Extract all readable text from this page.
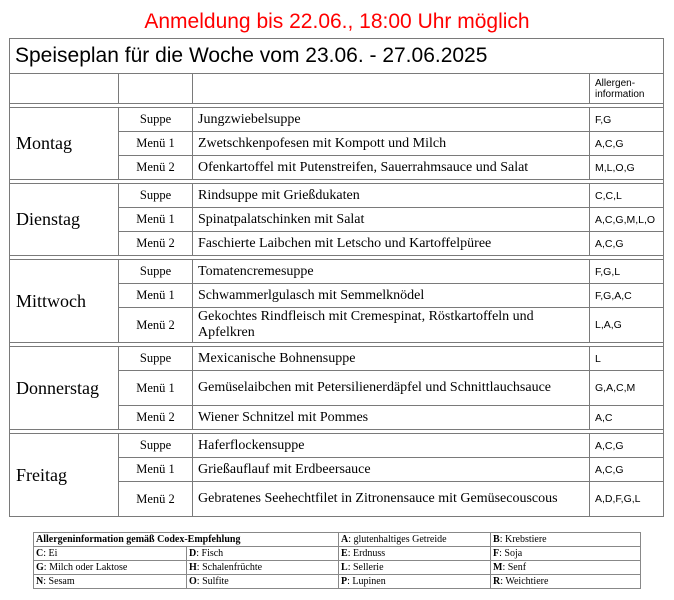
Anmeldung bis 22.06., 18:00 Uhr möglich
Speiseplan für die Woche vom 23.06. - 27.06.2025			
			Allergen-
information

Montag	Suppe	Jungzwiebelsuppe	F,G
	Menü 1	Zwetschkenpofesen mit Kompott und Milch	A,C,G
	Menü 2	Ofenkartoffel mit Putenstreifen, Sauerrahmsauce und Salat	M,L,O,G

Dienstag	Suppe	Rindsuppe mit Grießdukaten	C,C,L
	Menü 1	Spinatpalatschinken mit Salat	A,C,G,M,L,O
	Menü 2	Faschierte Laibchen mit Letscho und Kartoffelpüree	A,C,G

Mittwoch	Suppe	Tomatencremesuppe	F,G,L
	Menü 1	Schwammerlgulasch mit Semmelknödel	F,G,A,C
	Menü 2	Gekochtes Rindfleisch mit Cremespinat, Röstkartoffeln und Apfelkren	L,A,G

Donnerstag	Suppe	Mexicanische Bohnensuppe	L
	Menü 1	Gemüselaibchen mit Petersilienerdäpfel und Schnittlauchsauce	G,A,C,M
	Menü 2	Wiener Schnitzel mit Pommes	A,C

Freitag	Suppe	Haferflockensuppe	A,C,G
	Menü 1	Grießauflauf mit Erdbeersauce	A,C,G
	Menü 2	Gebratenes Seehechtfilet in Zitronensauce mit Gemüsecouscous	A,D,F,G,L
Allergeninformation gemäß Codex-Empfehlung		A: glutenhaltiges Getreide	B: Krebstiere
C: Ei	D: Fisch	E: Erdnuss	F: Soja
G: Milch oder Laktose	H: Schalenfrüchte	L: Sellerie	M: Senf
N: Sesam	O: Sulfite	P: Lupinen	R: Weichtiere
